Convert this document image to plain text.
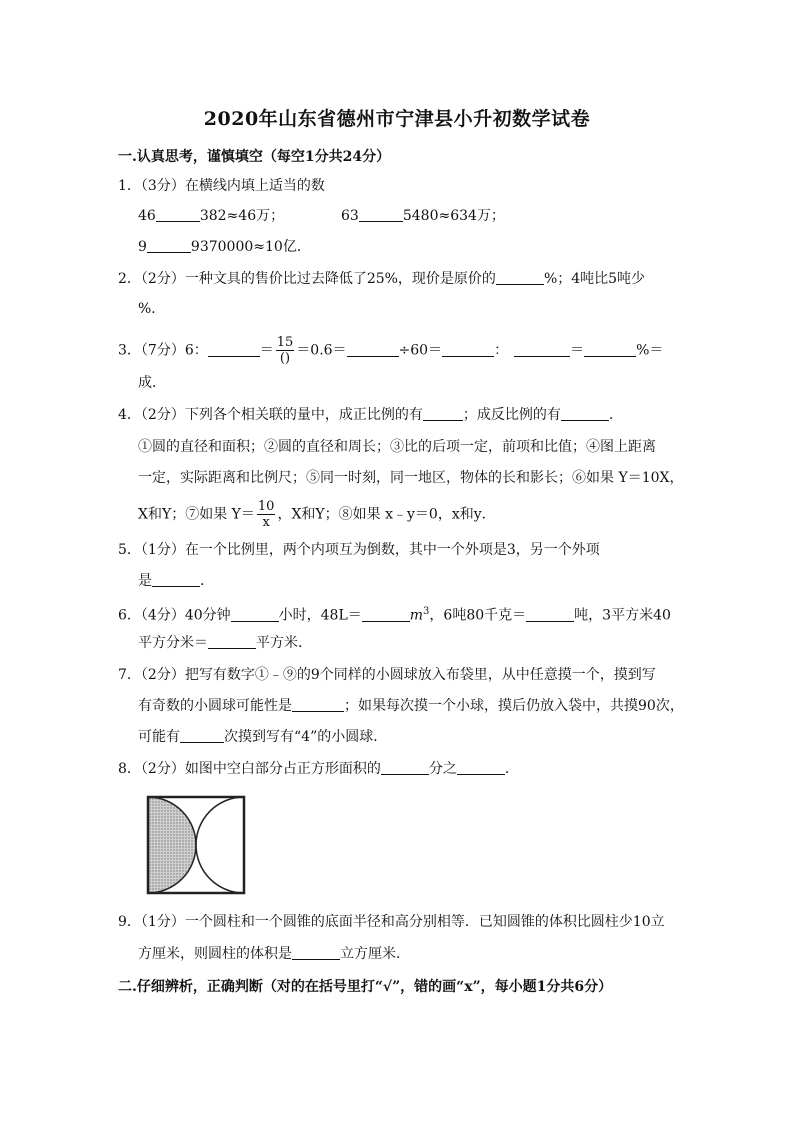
2020年山东省德州市宁津县小升初数学试卷
一.认真思考，谨慎填空（每空1分共24分）
1．（3分）在横线内填上适当的数
46	382≈46万；	63	5480≈634万；
9	9370000≈10亿．
2．（2分）一种文具的售价比过去降低了25%，现价是原价的	%；4吨比5吨少
%．
3．（7分）6：	＝ $\frac{15}{()} =0.6=$	÷60＝	：	＝	%＝
成．
4．（2分）下列各个相关联的量中，成正比例的有	；成反比例的有	．
①圆的直径和面积；②圆的直径和周长；③比的后项一定，前项和比值；④图上距离
一定，实际距离和比例尺；⑤同一时刻，同一地区，物体的长和影长；⑥如果 Y＝10X，
X和Y；⑦如果 $Y= \frac{10}{x}$ ，X和Y；⑧如果 x﹣y＝0，x和y．
5．（1分）在一个比例里，两个内项互为倒数，其中一个外项是3，另一个外项
是	．
6．（4分）40分钟	小时，48L＝	$m^3$，6吨80千克＝	吨，3平方米40
平方分米＝	平方米．
7．（2分）把写有数字①﹣⑨的9个同样的小圆球放入布袋里，从中任意摸一个，摸到写
有奇数的小圆球可能性是	；如果每次摸一个小球，摸后仍放入袋中，共摸90次，
可能有	次摸到写有“4”的小圆球．
8．（2分）如图中空白部分占正方形面积的	分之	．
9．（1分）一个圆柱和一个圆锥的底面半径和高分别相等．已知圆锥的体积比圆柱少10立
方厘米，则圆柱的体积是	立方厘米．
二.仔细辨析，正确判断（对的在括号里打“√”，错的画“x”，每小题1分共6分）
